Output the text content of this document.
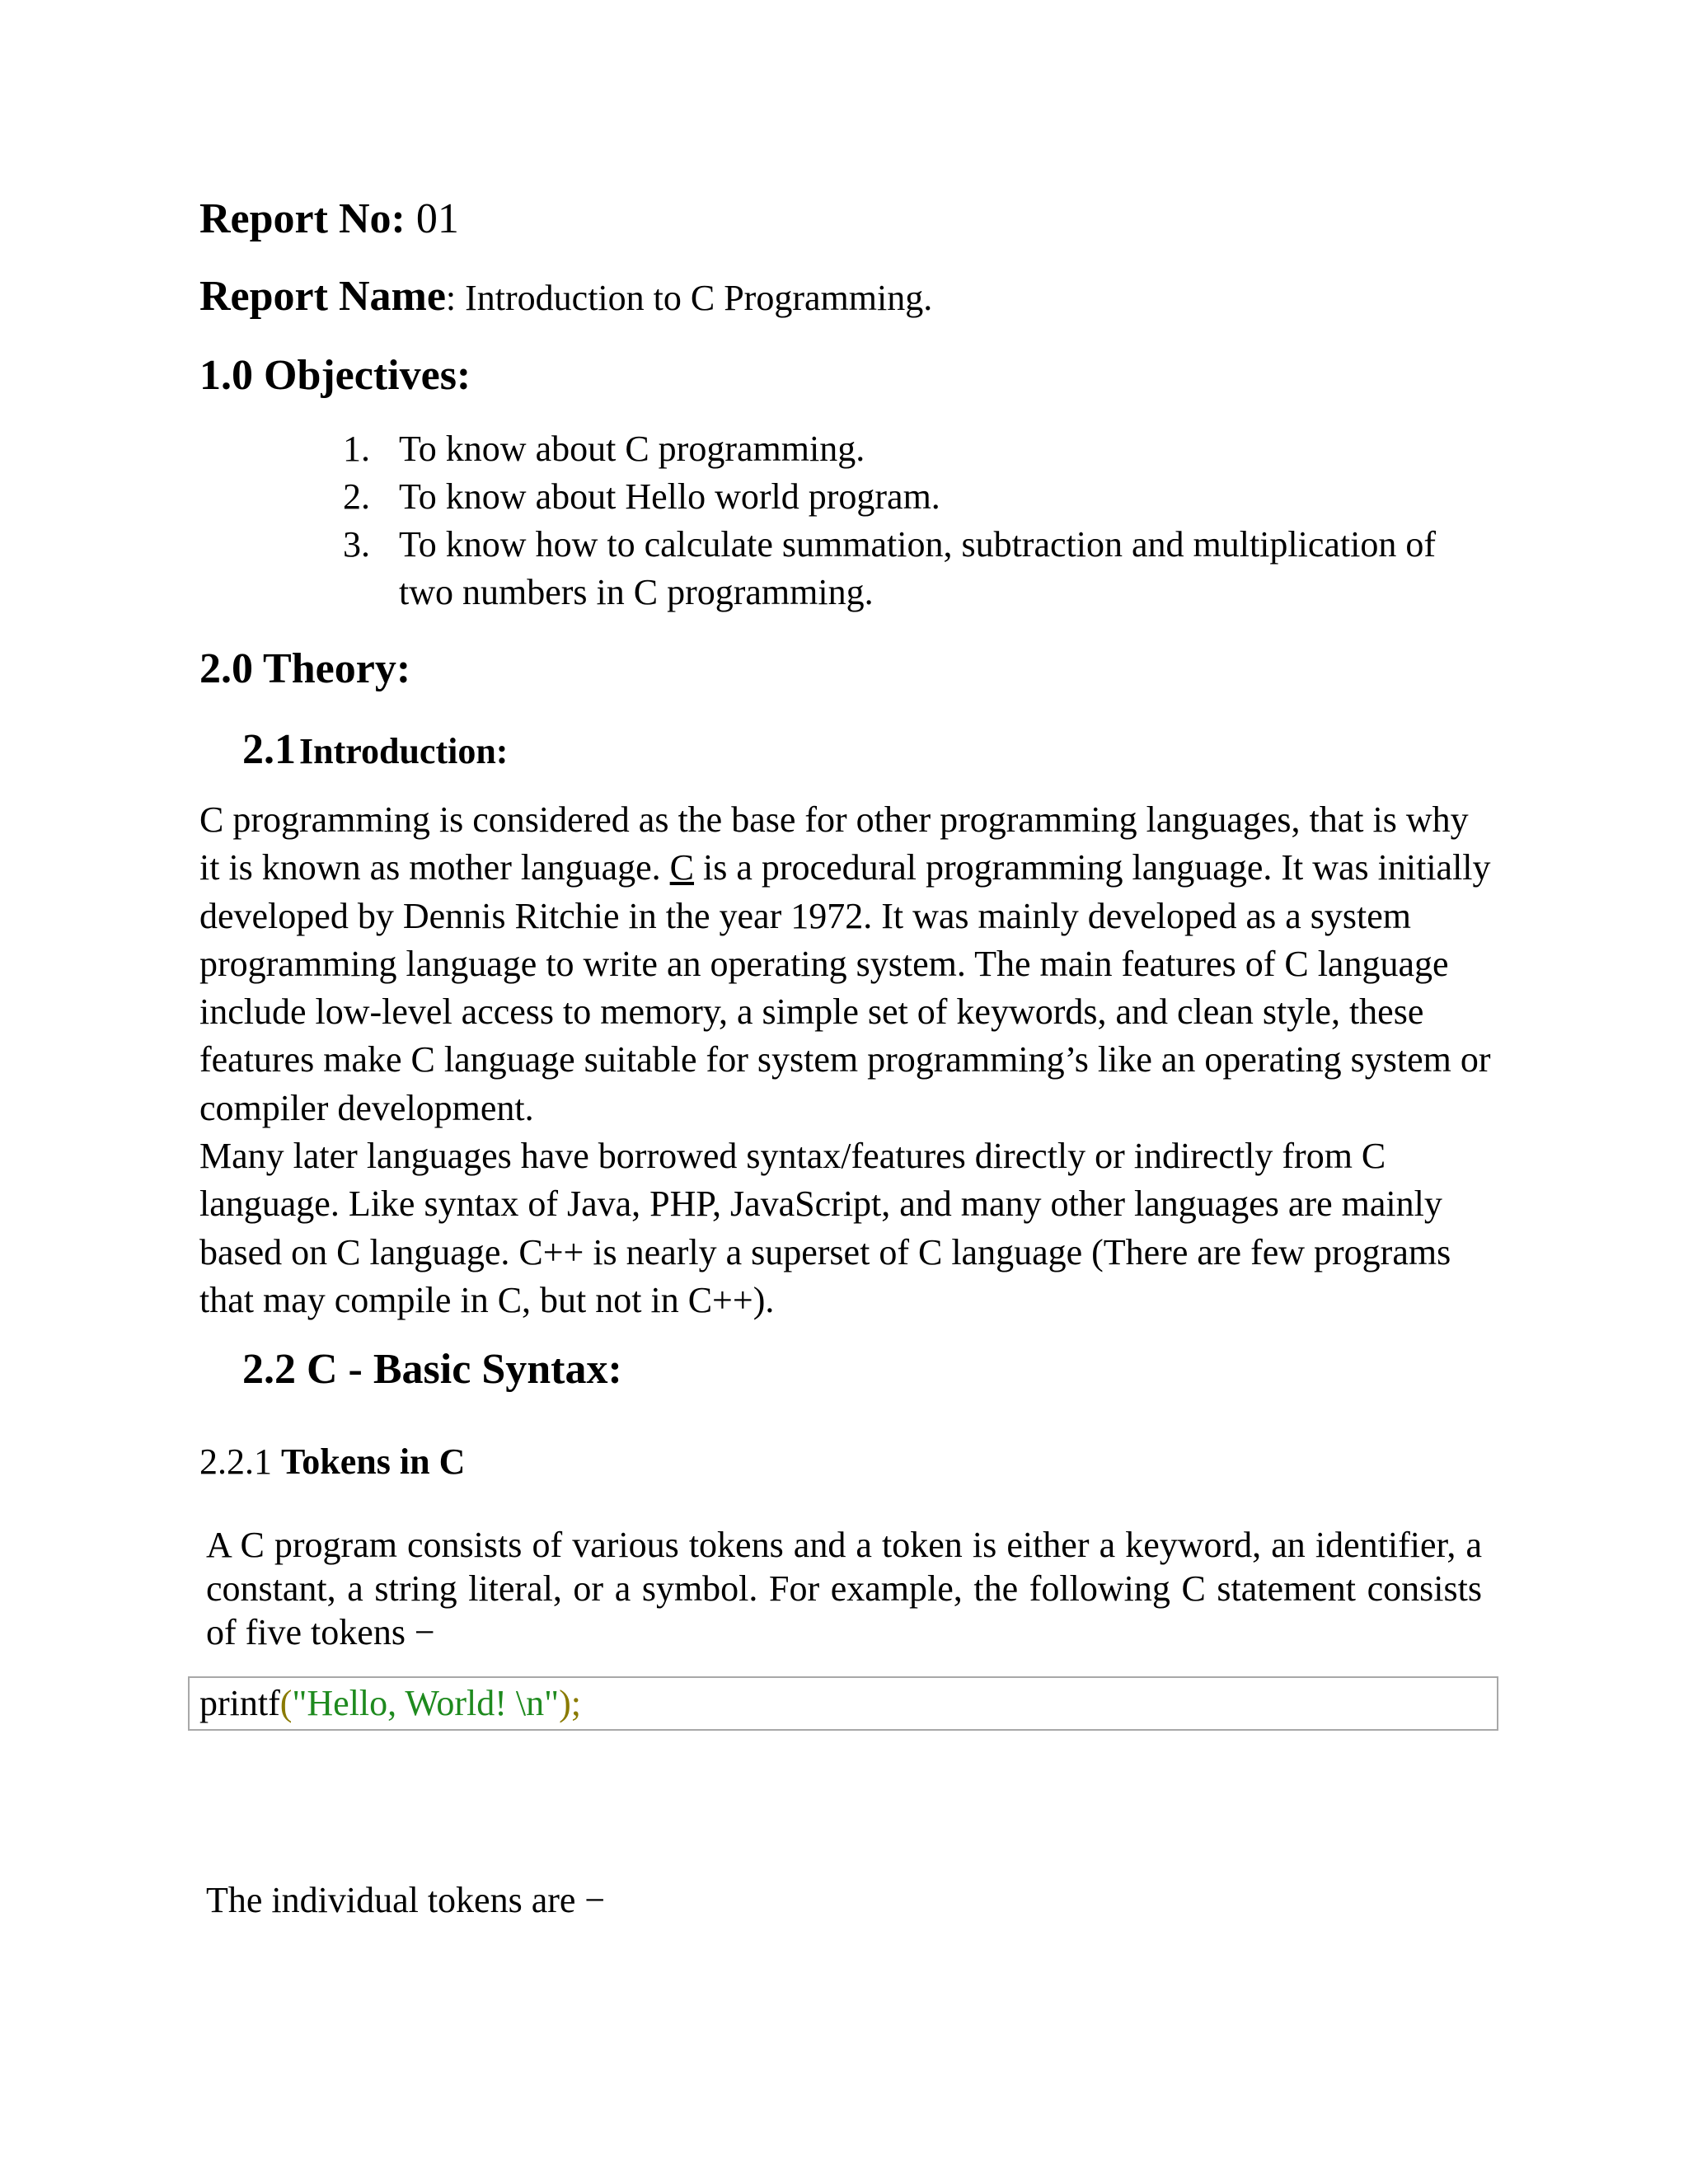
Report No: 01
Report Name: Introduction to C Programming.
1.0 Objectives:
1. To know about C programming.
2. To know about Hello world program.
3. To know how to calculate summation, subtraction and multiplication of two numbers in C programming.
2.0 Theory:
2.1 Introduction:

C programming is considered as the base for other programming languages, that is why it is known as mother language. C is a procedural programming language. It was initially developed by Dennis Ritchie in the year 1972. It was mainly developed as a system programming language to write an operating system. The main features of C language include low-level access to memory, a simple set of keywords, and clean style, these features make C language suitable for system programming’s like an operating system or compiler development.

Many later languages have borrowed syntax/features directly or indirectly from C language. Like syntax of Java, PHP, JavaScript, and many other languages are mainly based on C language. C++ is nearly a superset of C language (There are few programs that may compile in C, but not in C++).

2.2 C - Basic Syntax:
2.2.1 Tokens in C

A C program consists of various tokens and a token is either a keyword, an identifier, a constant, a string literal, or a symbol. For example, the following C statement consists of five tokens −

printf("Hello, World! \n");
The individual tokens are −
